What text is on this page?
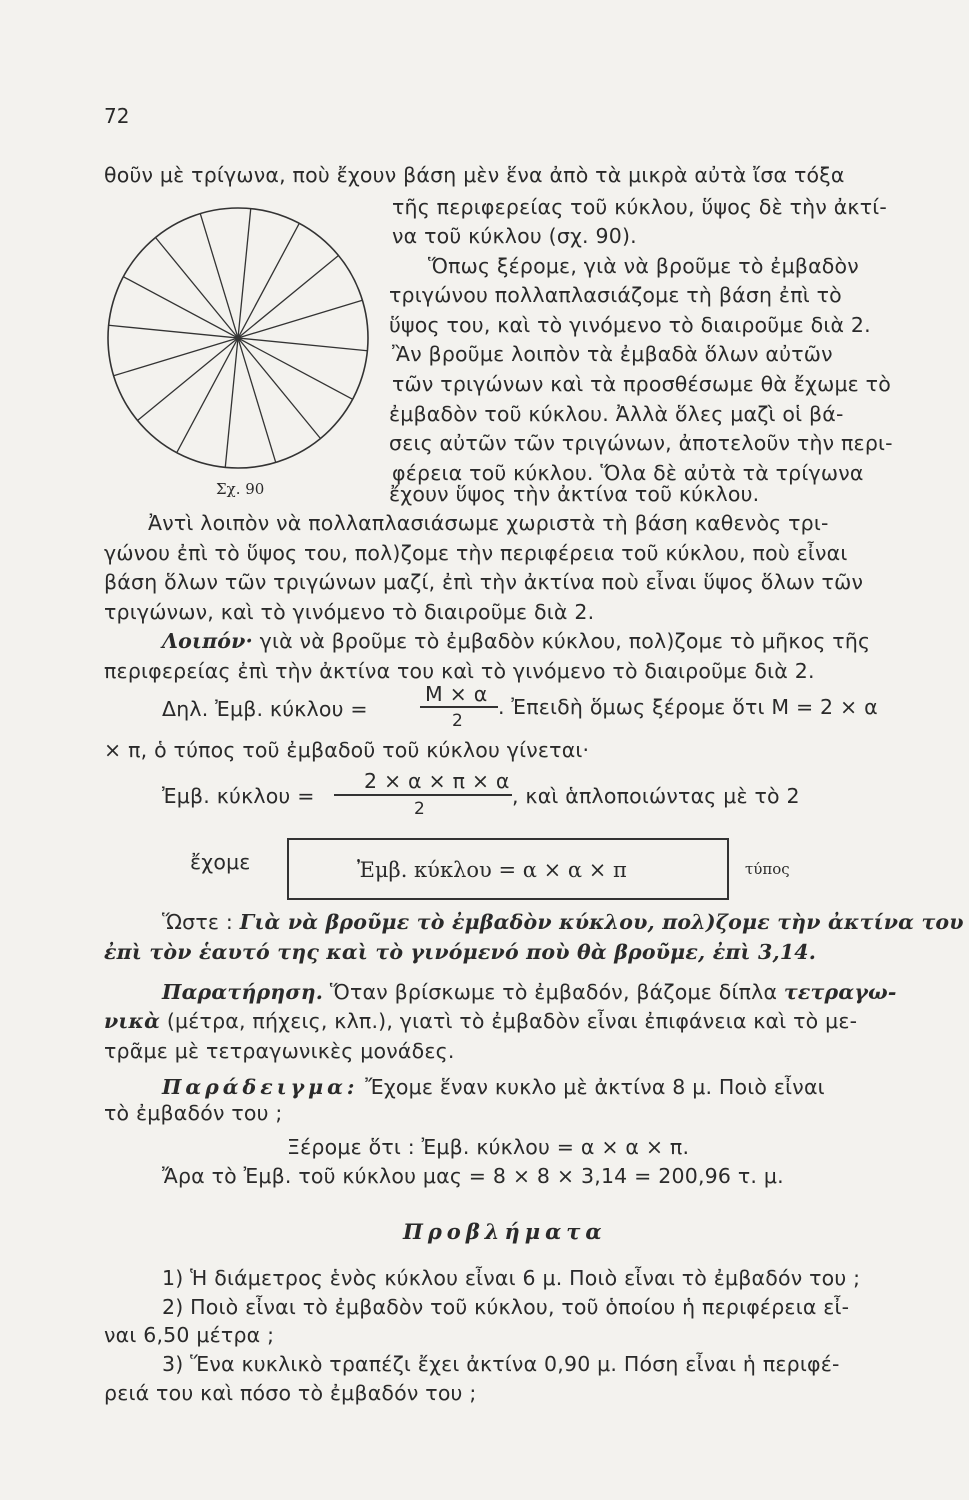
72
Σχ. 90
θοῦν μὲ τρίγωνα, ποὺ ἔχουν βάση μὲν ἕνα ἀπὸ τὰ μικρὰ αὐτὰ ἴσα τόξα
τῆς περιφερείας τοῦ κύκλου, ὕψος δὲ τὴν ἀκτί-
να τοῦ κύκλου (σχ. 90).
Ὅπως ξέρομε, γιὰ νὰ βροῦμε τὸ ἐμβαδὸν
τριγώνου πολλαπλασιάζομε τὴ βάση ἐπὶ τὸ
ὕψος του, καὶ τὸ γινόμενο τὸ διαιροῦμε διὰ 2.
Ἂν βροῦμε λοιπὸν τὰ ἐμβαδὰ ὅλων αὐτῶν
τῶν τριγώνων καὶ τὰ προσθέσωμε θὰ ἔχωμε τὸ
ἐμβαδὸν τοῦ κύκλου. Ἀλλὰ ὅλες μαζὶ οἱ βά-
σεις αὐτῶν τῶν τριγώνων, ἀποτελοῦν τὴν περι-
φέρεια τοῦ κύκλου. Ὅλα δὲ αὐτὰ τὰ τρίγωνα
ἔχουν ὕψος τὴν ἀκτίνα τοῦ κύκλου.
Ἀντὶ λοιπὸν νὰ πολλαπλασιάσωμε χωριστὰ τὴ βάση καθενὸς τρι-
γώνου ἐπὶ τὸ ὕψος του, πολ)ζομε τὴν περιφέρεια τοῦ κύκλου, ποὺ εἶναι
βάση ὅλων τῶν τριγώνων μαζί, ἐπὶ τὴν ἀκτίνα ποὺ εἶναι ὕψος ὅλων τῶν
τριγώνων, καὶ τὸ γινόμενο τὸ διαιροῦμε διὰ 2.
Λοιπόν· γιὰ νὰ βροῦμε τὸ ἐμβαδὸν κύκλου, πολ)ζομε τὸ μῆκος τῆς
περιφερείας ἐπὶ τὴν ἀκτίνα του καὶ τὸ γινόμενο τὸ διαιροῦμε διὰ 2.
Δηλ. Ἐμβ. κύκλου =
Μ × α
2
. Ἐπειδὴ ὅμως ξέρομε ὅτι Μ = 2 × α
× π, ὁ τύπος τοῦ ἐμβαδοῦ τοῦ κύκλου γίνεται·
Ἐμβ. κύκλου =
2 × α × π × α
2
, καὶ ἁπλοποιώντας μὲ τὸ 2
ἔχομε	Ἐμβ. κύκλου = α × α × π	τύπος
Ὥστε : Γιὰ νὰ βροῦμε τὸ ἐμβαδὸν κύκλου, πολ)ζομε τὴν ἀκτίνα του
ἐπὶ τὸν ἑαυτό της καὶ τὸ γινόμενό ποὺ θὰ βροῦμε, ἐπὶ 3,14.
Παρατήρηση. Ὅταν βρίσκωμε τὸ ἐμβαδόν, βάζομε δίπλα τετραγω-
νικὰ (μέτρα, πήχεις, κλπ.), γιατὶ τὸ ἐμβαδὸν εἶναι ἐπιφάνεια καὶ τὸ με-
τρᾶμε μὲ τετραγωνικὲς μονάδες.
Παράδειγμα: Ἔχομε ἕναν κυκλο μὲ ἀκτίνα 8 μ. Ποιὸ εἶναι
τὸ ἐμβαδόν του ;
Ξέρομε ὅτι : Ἐμβ. κύκλου = α × α × π.
Ἄρα τὸ Ἐμβ. τοῦ κύκλου μας = 8 × 8 × 3,14 = 200,96 τ. μ.
Προβλήματα
1) Ἡ διάμετρος ἑνὸς κύκλου εἶναι 6 μ. Ποιὸ εἶναι τὸ ἐμβαδόν του ;
2) Ποιὸ εἶναι τὸ ἐμβαδὸν τοῦ κύκλου, τοῦ ὁποίου ἡ περιφέρεια εἶ-
ναι 6,50 μέτρα ;
3) Ἕνα κυκλικὸ τραπέζι ἔχει ἀκτίνα 0,90 μ. Πόση εἶναι ἡ περιφέ-
ρειά του καὶ πόσο τὸ ἐμβαδόν του ;
